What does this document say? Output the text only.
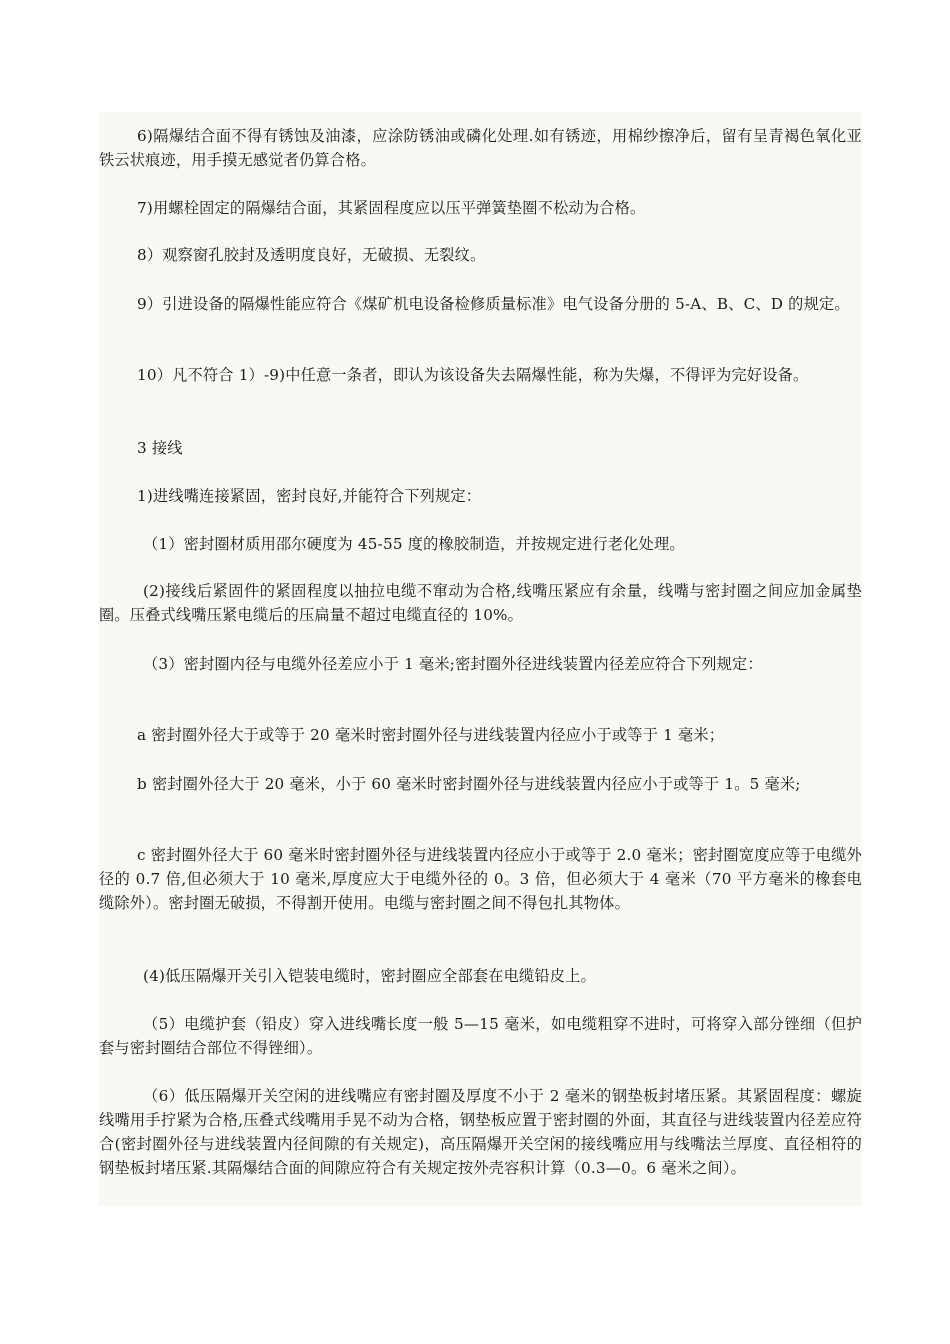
6)隔爆结合面不得有锈蚀及油漆，应涂防锈油或磷化处理.如有锈迹，用棉纱擦净后，留有呈青褐色氧化亚铁云状痕迹，用手摸无感觉者仍算合格。

7)用螺栓固定的隔爆结合面，其紧固程度应以压平弹簧垫圈不松动为合格。

8）观察窗孔胶封及透明度良好，无破损、无裂纹。

9）引进设备的隔爆性能应符合《煤矿机电设备检修质量标准》电气设备分册的 5-A、B、C、D 的规定。

10）凡不符合 1）-9)中任意一条者，即认为该设备失去隔爆性能，称为失爆，不得评为完好设备。

3 接线

1)进线嘴连接紧固，密封良好,并能符合下列规定：

（1）密封圈材质用邵尔硬度为 45-55 度的橡胶制造，并按规定进行老化处理。

(2)接线后紧固件的紧固程度以抽拉电缆不窜动为合格,线嘴压紧应有余量，线嘴与密封圈之间应加金属垫圈。压叠式线嘴压紧电缆后的压扁量不超过电缆直径的 10%。

（3）密封圈内径与电缆外径差应小于 1 毫米;密封圈外径进线装置内径差应符合下列规定：

a 密封圈外径大于或等于 20 毫米时密封圈外径与进线装置内径应小于或等于 1 毫米；

b 密封圈外径大于 20 毫米，小于 60 毫米时密封圈外径与进线装置内径应小于或等于 1。5 毫米;

c 密封圈外径大于 60 毫米时密封圈外径与进线装置内径应小于或等于 2.0 毫米；密封圈宽度应等于电缆外径的 0.7 倍,但必须大于 10 毫米,厚度应大于电缆外径的 0。3 倍，但必须大于 4 毫米（70 平方毫米的橡套电缆除外）。密封圈无破损，不得割开使用。电缆与密封圈之间不得包扎其物体。

(4)低压隔爆开关引入铠装电缆时，密封圈应全部套在电缆铅皮上。

（5）电缆护套（铅皮）穿入进线嘴长度一般 5—15 毫米，如电缆粗穿不进时，可将穿入部分锉细（但护套与密封圈结合部位不得锉细）。

（6）低压隔爆开关空闲的进线嘴应有密封圈及厚度不小于 2 毫米的钢垫板封堵压紧。其紧固程度：螺旋线嘴用手拧紧为合格,压叠式线嘴用手晃不动为合格，钢垫板应置于密封圈的外面，其直径与进线装置内径差应符合(密封圈外径与进线装置内径间隙的有关规定)，高压隔爆开关空闲的接线嘴应用与线嘴法兰厚度、直径相符的钢垫板封堵压紧.其隔爆结合面的间隙应符合有关规定按外壳容积计算（0.3—0。6 毫米之间）。
